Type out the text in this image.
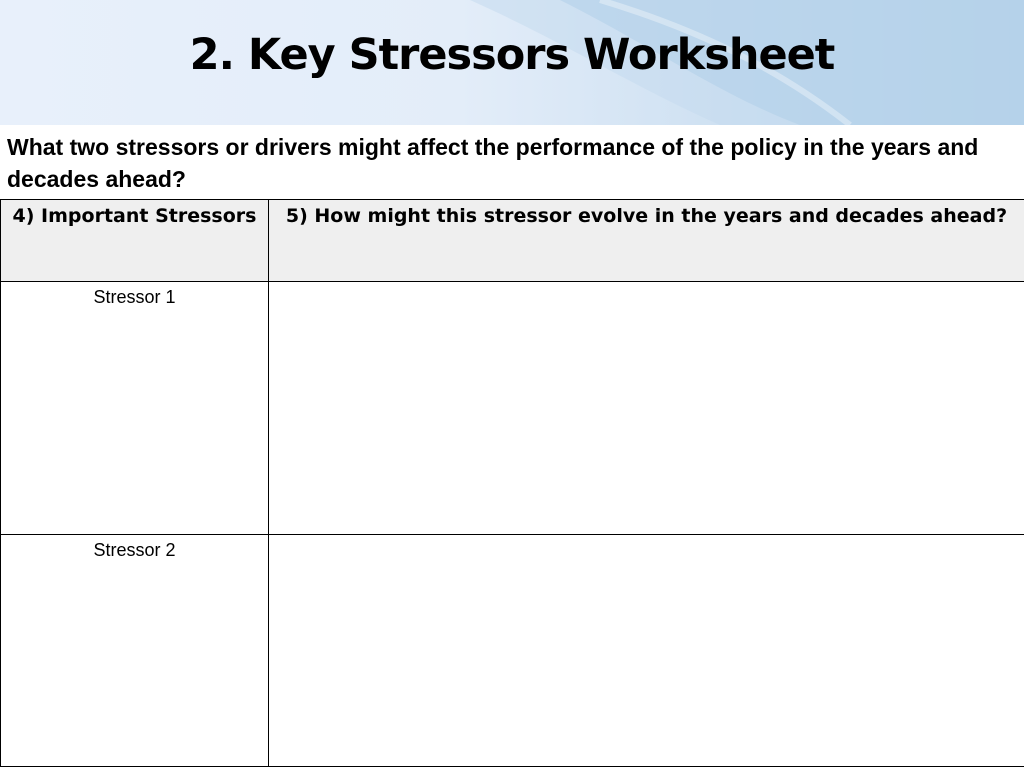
2. Key Stressors Worksheet
What two stressors or drivers might affect the performance of the policy in the years and decades ahead?
4) Important Stressors	5) How might this stressor evolve in the years and decades ahead?

Stressor 1	

Stressor 2	
